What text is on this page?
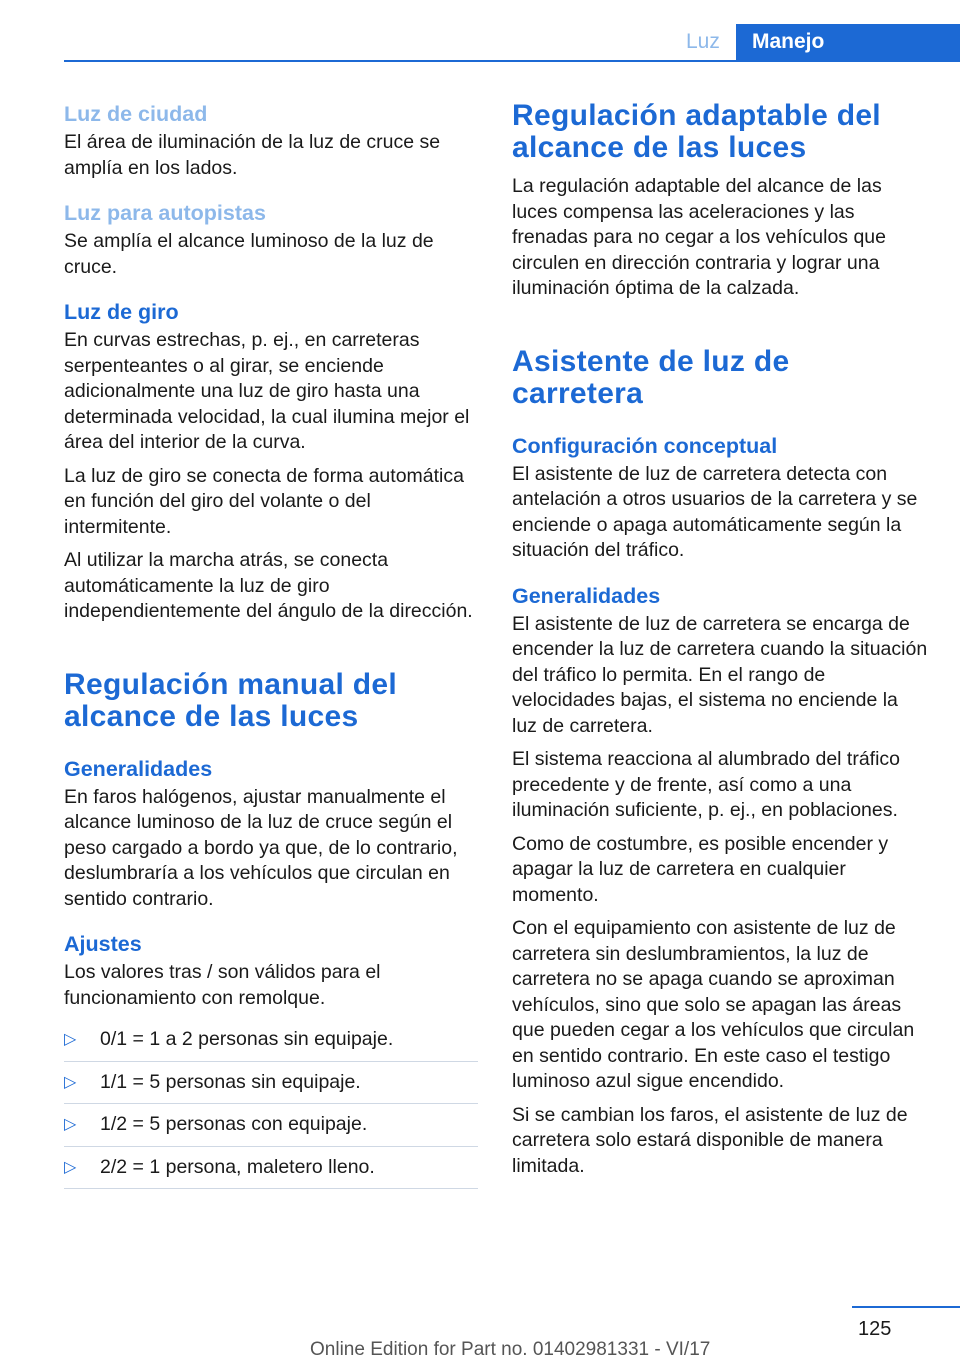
Luz	Manejo
Luz de ciudad

El área de iluminación de la luz de cruce se amplía en los lados.

Luz para autopistas

Se amplía el alcance luminoso de la luz de cruce.

Luz de giro

En curvas estrechas, p. ej., en carreteras serpenteantes o al girar, se enciende adicionalmente una luz de giro hasta una determinada velocidad, la cual ilumina mejor el área del interior de la curva.

La luz de giro se conecta de forma automática en función del giro del volante o del intermitente.

Al utilizar la marcha atrás, se conecta automáticamente la luz de giro independientemente del ángulo de la dirección.

Regulación manual del alcance de las luces
Generalidades

En faros halógenos, ajustar manualmente el alcance luminoso de la luz de cruce según el peso cargado a bordo ya que, de lo contrario, deslumbraría a los vehículos que circulan en sentido contrario.

Ajustes

Los valores tras / son válidos para el funcionamiento con remolque.

▷ 0/1 = 1 a 2 personas sin equipaje.
▷ 1/1 = 5 personas sin equipaje.
▷ 1/2 = 5 personas con equipaje.
▷ 2/2 = 1 persona, maletero lleno.
Regulación adaptable del alcance de las luces

La regulación adaptable del alcance de las luces compensa las aceleraciones y las frenadas para no cegar a los vehículos que circulen en dirección contraria y lograr una iluminación óptima de la calzada.

Asistente de luz de carretera
Configuración conceptual

El asistente de luz de carretera detecta con antelación a otros usuarios de la carretera y se enciende o apaga automáticamente según la situación del tráfico.

Generalidades

El asistente de luz de carretera se encarga de encender la luz de carretera cuando la situación del tráfico lo permita. En el rango de velocidades bajas, el sistema no enciende la luz de carretera.

El sistema reacciona al alumbrado del tráfico precedente y de frente, así como a una iluminación suficiente, p. ej., en poblaciones.

Como de costumbre, es posible encender y apagar la luz de carretera en cualquier momento.

Con el equipamiento con asistente de luz de carretera sin deslumbramientos, la luz de carretera no se apaga cuando se aproximan vehículos, sino que solo se apagan las áreas que pueden cegar a los vehículos que circulan en sentido contrario. En este caso el testigo luminoso azul sigue encendido.

Si se cambian los faros, el asistente de luz de carretera solo estará disponible de manera limitada.

125
Online Edition for Part no. 01402981331 - VI/17
